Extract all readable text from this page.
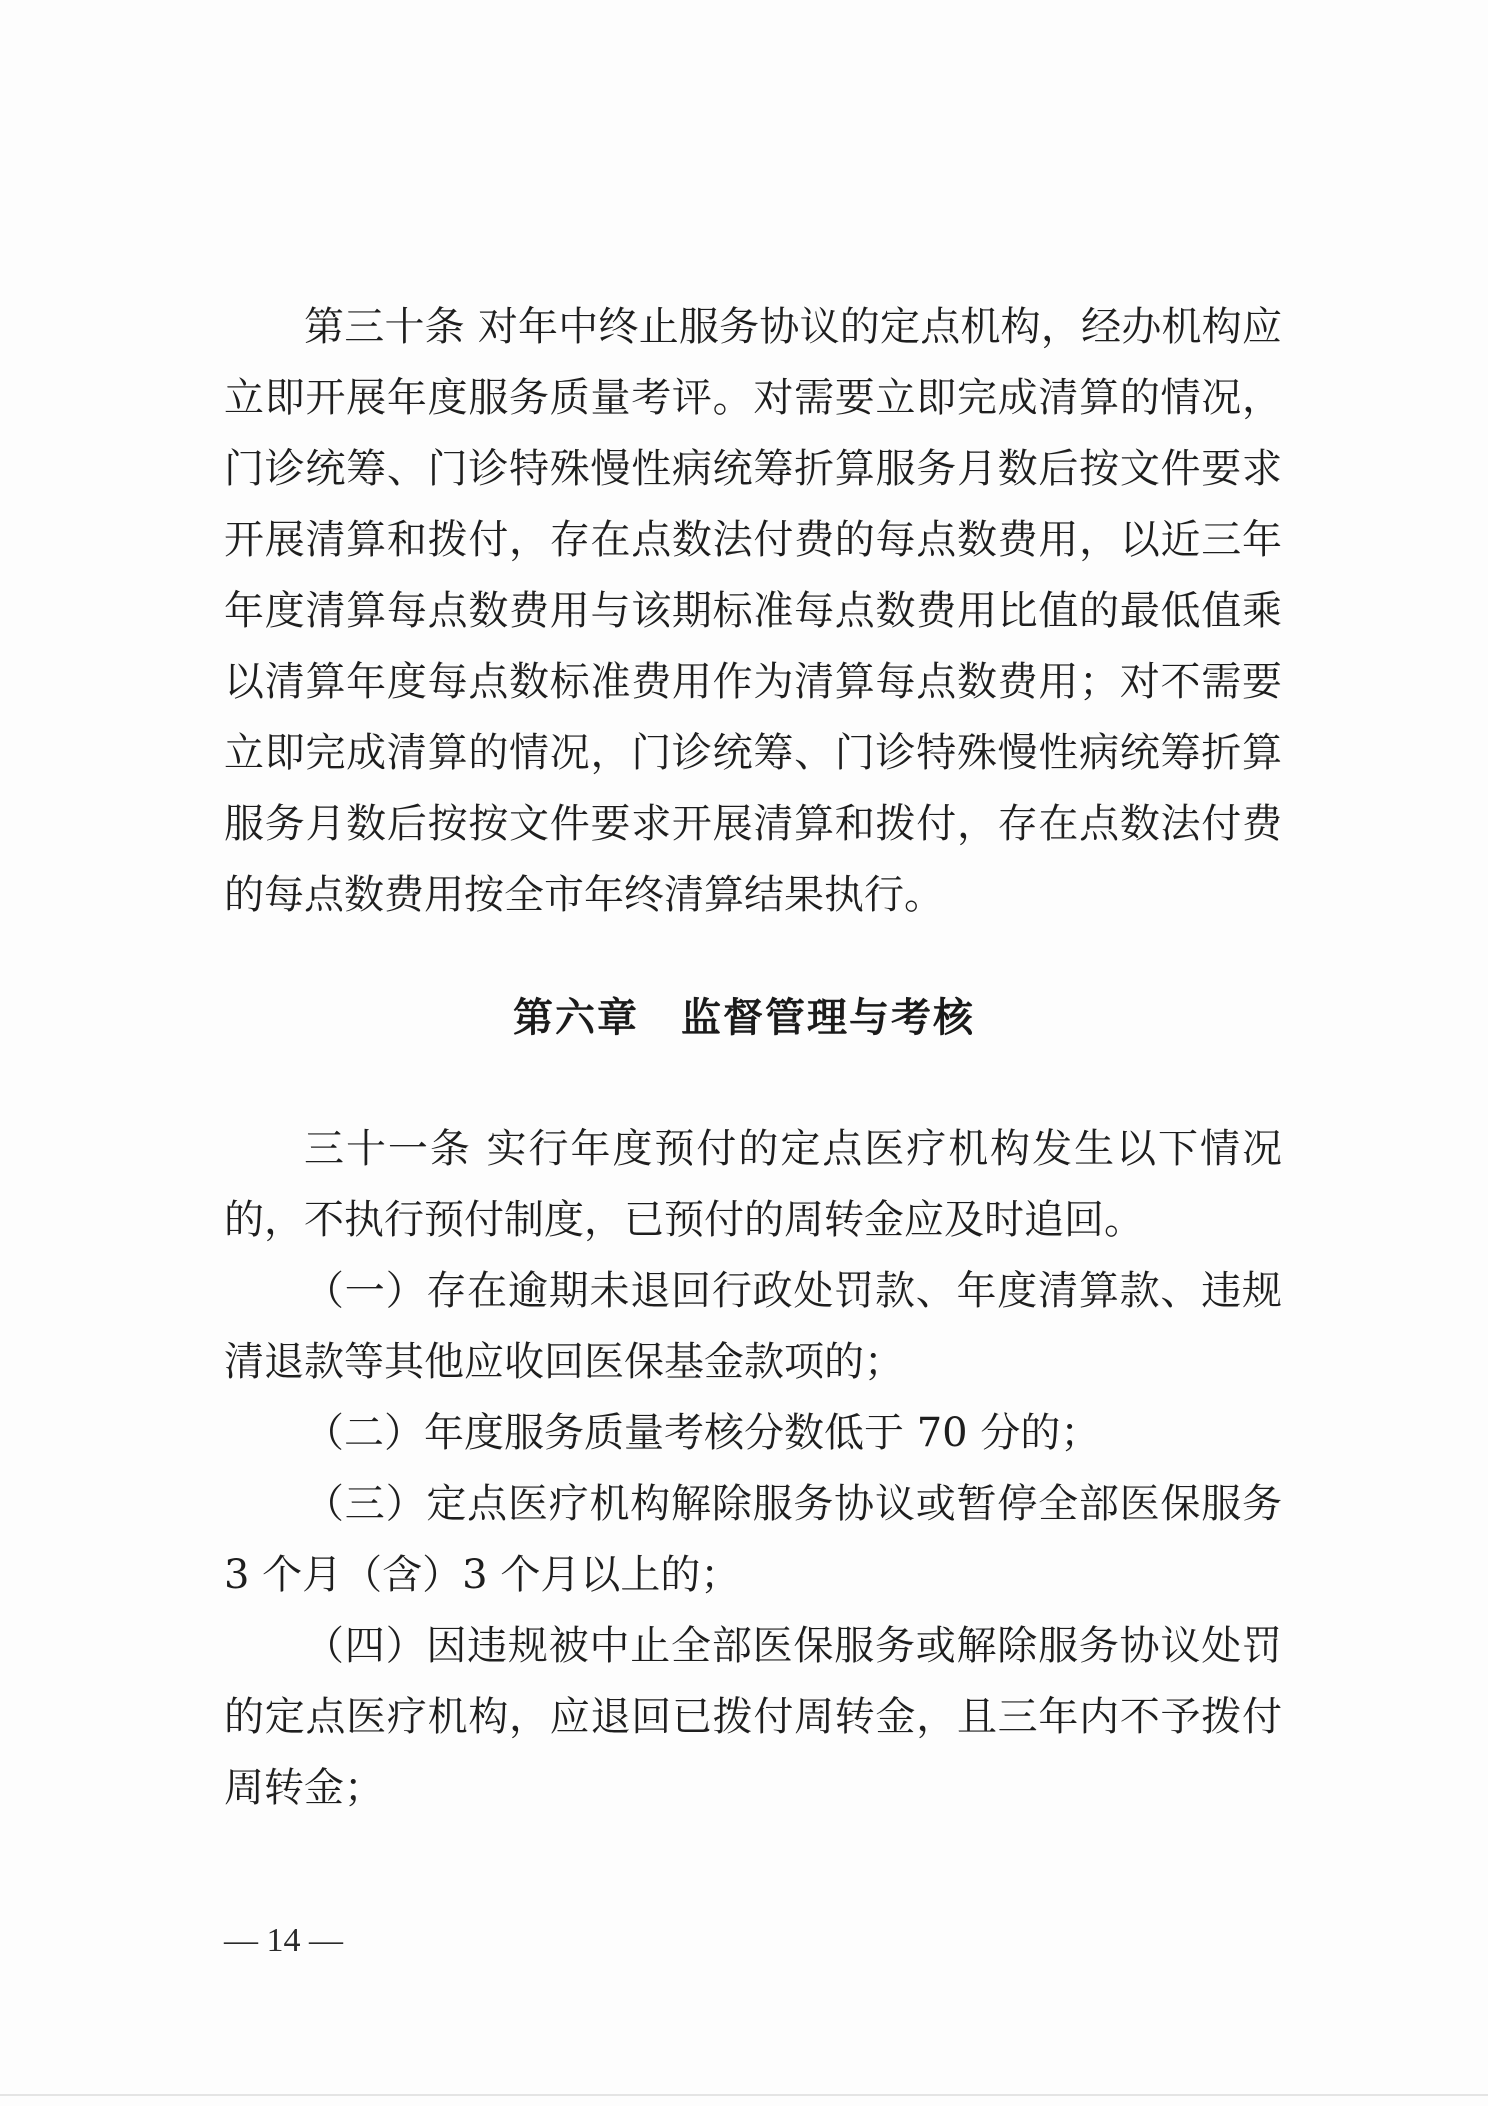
第三十条 对年中终止服务协议的定点机构，经办机构应立即开展年度服务质量考评。对需要立即完成清算的情况，门诊统筹、门诊特殊慢性病统筹折算服务月数后按文件要求开展清算和拨付，存在点数法付费的每点数费用，以近三年年度清算每点数费用与该期标准每点数费用比值的最低值乘以清算年度每点数标准费用作为清算每点数费用；对不需要立即完成清算的情况，门诊统筹、门诊特殊慢性病统筹折算服务月数后按按文件要求开展清算和拨付，存在点数法付费的每点数费用按全市年终清算结果执行。

第六章　监督管理与考核

三十一条 实行年度预付的定点医疗机构发生以下情况的，不执行预付制度，已预付的周转金应及时追回。

（一）存在逾期未退回行政处罚款、年度清算款、违规清退款等其他应收回医保基金款项的；

（二）年度服务质量考核分数低于 70 分的；

（三）定点医疗机构解除服务协议或暂停全部医保服务 3 个月（含）3 个月以上的；

（四）因违规被中止全部医保服务或解除服务协议处罚的定点医疗机构，应退回已拨付周转金，且三年内不予拨付周转金；

— 14 —
